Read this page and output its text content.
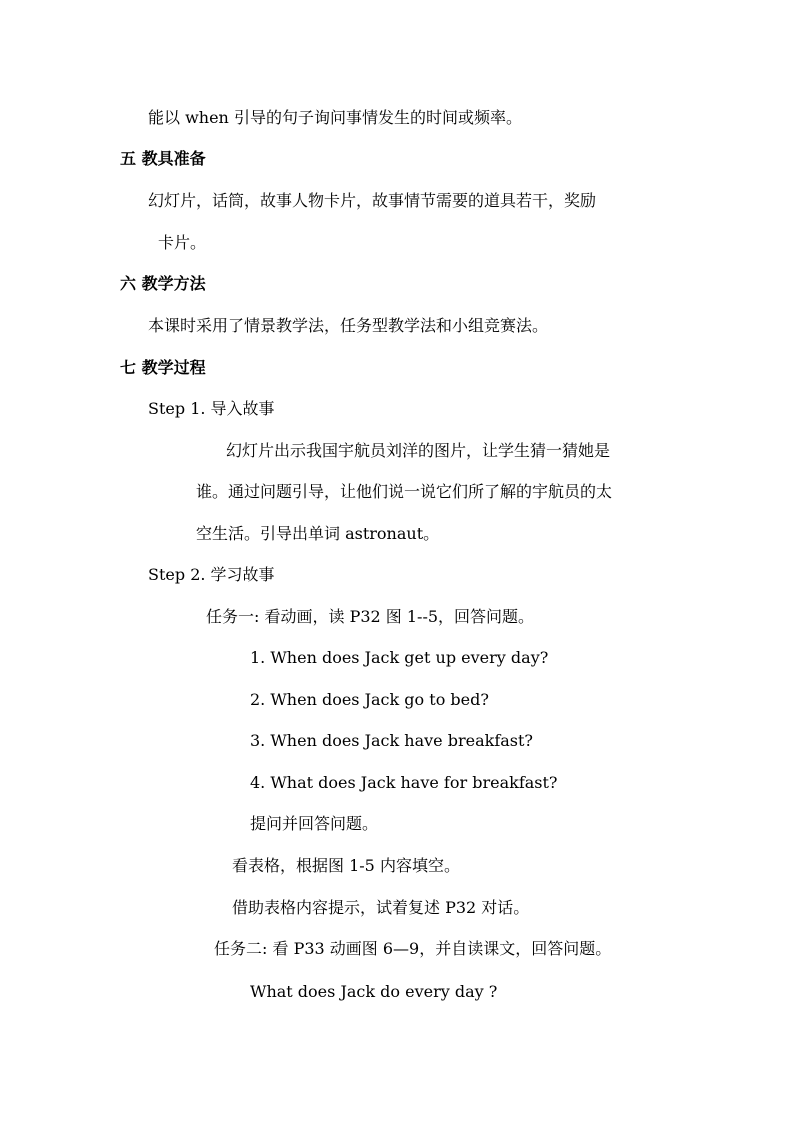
能以 when 引导的句子询问事情发生的时间或频率。
五 教具准备
幻灯片，话筒，故事人物卡片，故事情节需要的道具若干，奖励
卡片。
六 教学方法
本课时采用了情景教学法，任务型教学法和小组竞赛法。
七 教学过程
Step 1. 导入故事
幻灯片出示我国宇航员刘洋的图片，让学生猜一猜她是
谁。通过问题引导，让他们说一说它们所了解的宇航员的太
空生活。引导出单词 astronaut。
Step 2. 学习故事
任务一: 看动画，读 P32 图 1--5，回答问题。
1. When does Jack get up every day?
2. When does Jack go to bed?
3. When does Jack have breakfast?
4. What does Jack have for breakfast?
提问并回答问题。
看表格，根据图 1-5 内容填空。
借助表格内容提示，试着复述 P32 对话。
任务二: 看 P33 动画图 6—9，并自读课文，回答问题。
What does Jack do every day ?
